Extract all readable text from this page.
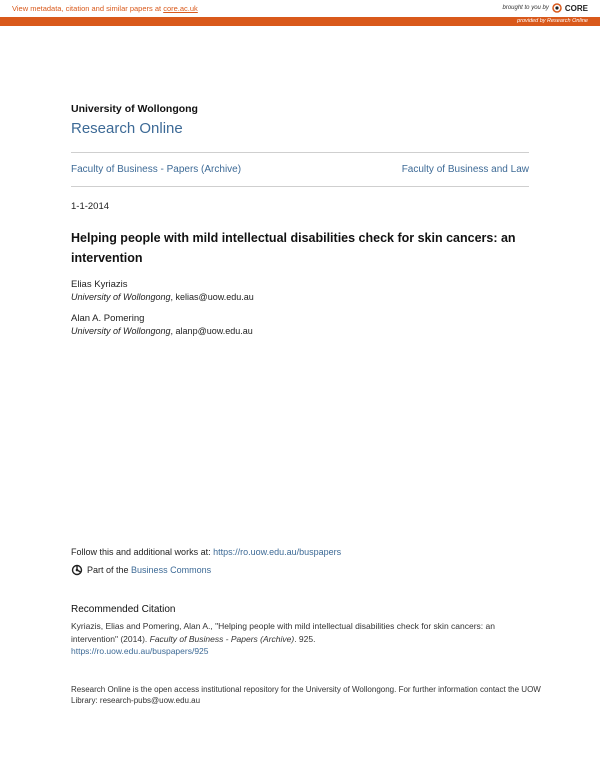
View metadata, citation and similar papers at core.ac.uk	brought to you by CORE
provided by Research Online
University of Wollongong
Research Online
Faculty of Business - Papers (Archive)	Faculty of Business and Law
1-1-2014
Helping people with mild intellectual disabilities check for skin cancers: an intervention
Elias Kyriazis
University of Wollongong, kelias@uow.edu.au
Alan A. Pomering
University of Wollongong, alanp@uow.edu.au
Follow this and additional works at: https://ro.uow.edu.au/buspapers
Part of the
Business Commons
Recommended Citation
Kyriazis, Elias and Pomering, Alan A., "Helping people with mild intellectual disabilities check for skin cancers: an intervention" (2014). Faculty of Business - Papers (Archive). 925.
https://ro.uow.edu.au/buspapers/925
Research Online is the open access institutional repository for the University of Wollongong. For further information contact the UOW Library: research-pubs@uow.edu.au
